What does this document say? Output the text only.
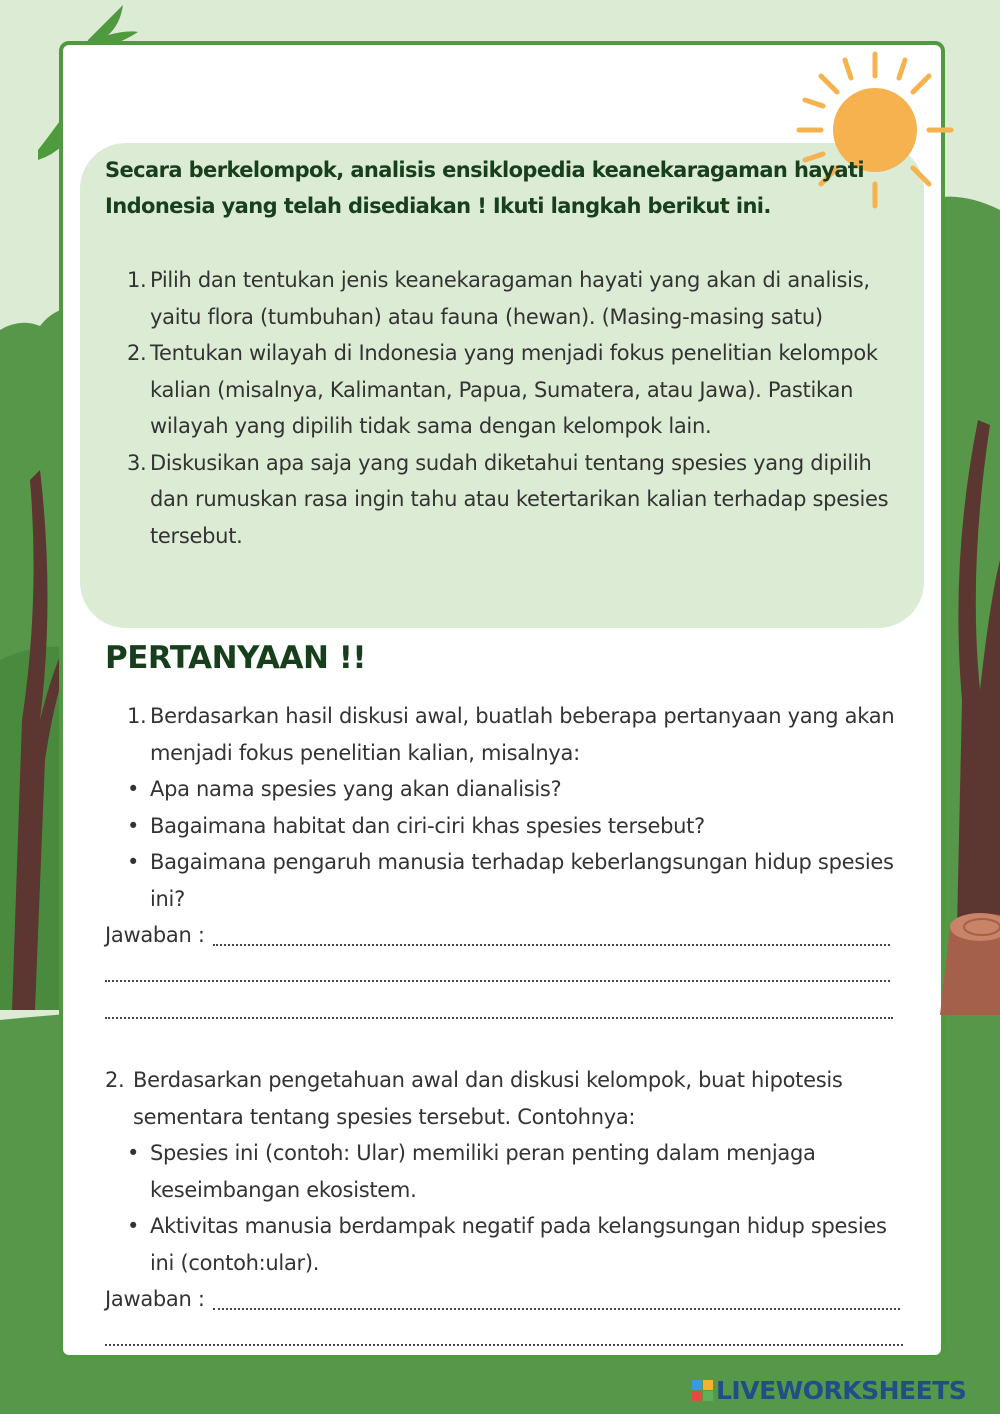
Secara berkelompok, analisis ensiklopedia keanekaragaman hayati Indonesia yang telah disediakan ! Ikuti langkah berikut ini.
1. Pilih dan tentukan jenis keanekaragaman hayati yang akan di analisis, yaitu flora (tumbuhan) atau fauna (hewan). (Masing-masing satu)
2. Tentukan wilayah di Indonesia yang menjadi fokus penelitian kelompok kalian (misalnya, Kalimantan, Papua, Sumatera, atau Jawa). Pastikan wilayah yang dipilih tidak sama dengan kelompok lain.
3. Diskusikan apa saja yang sudah diketahui tentang spesies yang dipilih dan rumuskan rasa ingin tahu atau ketertarikan kalian terhadap spesies tersebut.
PERTANYAAN !!
1. Berdasarkan hasil diskusi awal, buatlah beberapa pertanyaan yang akan menjadi fokus penelitian kalian, misalnya:
• Apa nama spesies yang akan dianalisis?
• Bagaimana habitat dan ciri-ciri khas spesies tersebut?
• Bagaimana pengaruh manusia terhadap keberlangsungan hidup spesies ini?
Jawaban :
2. Berdasarkan pengetahuan awal dan diskusi kelompok, buat hipotesis sementara tentang spesies tersebut. Contohnya:
• Spesies ini (contoh: Ular) memiliki peran penting dalam menjaga keseimbangan ekosistem.
• Aktivitas manusia berdampak negatif pada kelangsungan hidup spesies ini (contoh:ular).
Jawaban :
LIVEWORKSHEETS
